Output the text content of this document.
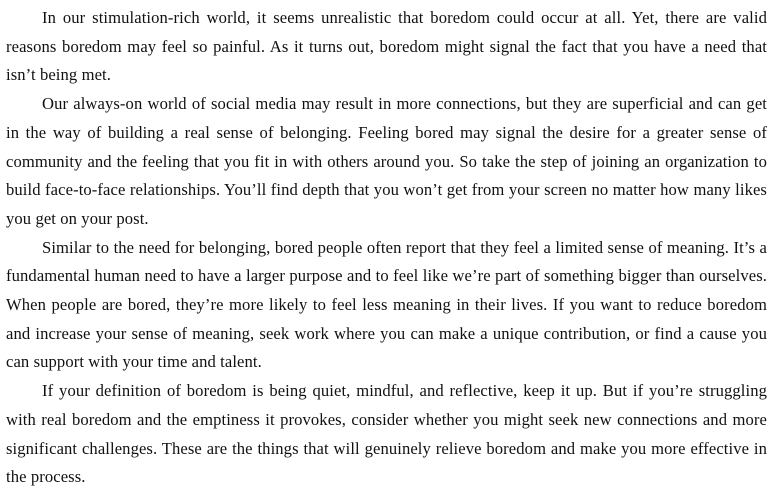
In our stimulation-rich world, it seems unrealistic that boredom could occur at all. Yet, there are valid reasons boredom may feel so painful. As it turns out, boredom might signal the fact that you have a need that isn’t being met.

Our always-on world of social media may result in more connections, but they are superficial and can get in the way of building a real sense of belonging. Feeling bored may signal the desire for a greater sense of community and the feeling that you fit in with others around you. So take the step of joining an organization to build face-to-face relationships. You’ll find depth that you won’t get from your screen no matter how many likes you get on your post.

Similar to the need for belonging, bored people often report that they feel a limited sense of meaning. It’s a fundamental human need to have a larger purpose and to feel like we’re part of something bigger than ourselves. When people are bored, they’re more likely to feel less meaning in their lives. If you want to reduce boredom and increase your sense of meaning, seek work where you can make a unique contribution, or find a cause you can support with your time and talent.

If your definition of boredom is being quiet, mindful, and reflective, keep it up. But if you’re struggling with real boredom and the emptiness it provokes, consider whether you might seek new connections and more significant challenges. These are the things that will genuinely relieve boredom and make you more effective in the process.
